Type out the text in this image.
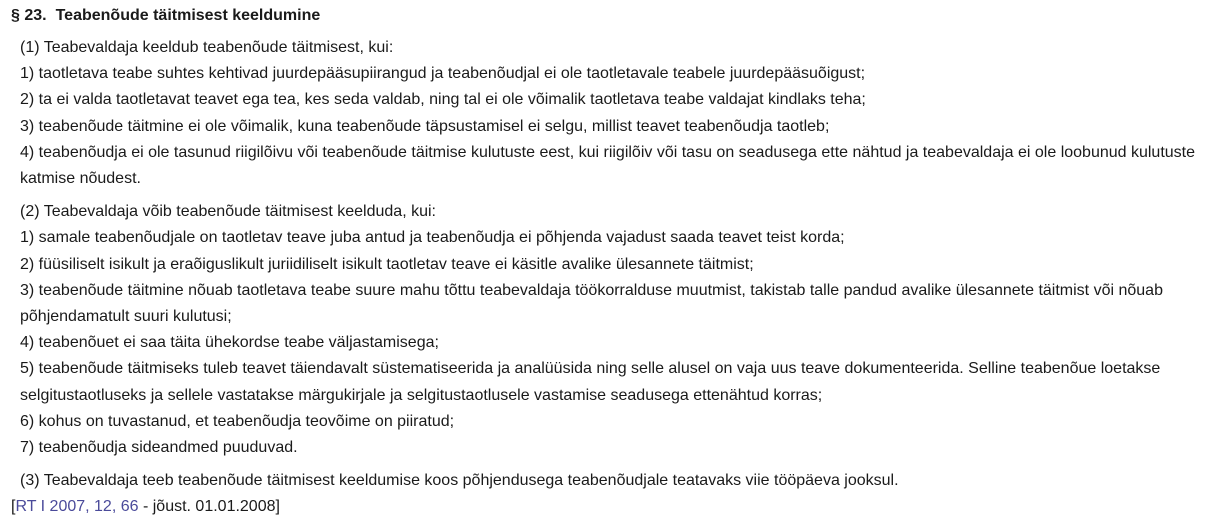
§ 23. Teabenõude täitmisest keeldumine
(1) Teabevaldaja keeldub teabenõude täitmisest, kui:
1) taotletava teabe suhtes kehtivad juurdepääsupiirangud ja teabenõudjal ei ole taotletavale teabele juurdepääsuõigust;
2) ta ei valda taotletavat teavet ega tea, kes seda valdab, ning tal ei ole võimalik taotletava teabe valdajat kindlaks teha;
3) teabenõude täitmine ei ole võimalik, kuna teabenõude täpsustamisel ei selgu, millist teavet teabenõudja taotleb;
4) teabenõudja ei ole tasunud riigilõivu või teabenõude täitmise kulutuste eest, kui riigilõiv või tasu on seadusega ette nähtud ja teabevaldaja ei ole loobunud kulutuste katmise nõudest.
(2) Teabevaldaja võib teabenõude täitmisest keelduda, kui:
1) samale teabenõudjale on taotletav teave juba antud ja teabenõudja ei põhjenda vajadust saada teavet teist korda;
2) füüsiliselt isikult ja eraõiguslikult juriidiliselt isikult taotletav teave ei käsitle avalike ülesannete täitmist;
3) teabenõude täitmine nõuab taotletava teabe suure mahu tõttu teabevaldaja töökorralduse muutmist, takistab talle pandud avalike ülesannete täitmist või nõuab põhjendamatult suuri kulutusi;
4) teabenõuet ei saa täita ühekordse teabe väljastamisega;
5) teabenõude täitmiseks tuleb teavet täiendavalt süstematiseerida ja analüüsida ning selle alusel on vaja uus teave dokumenteerida. Selline teabenõue loetakse selgitustaotluseks ja sellele vastatakse märgukirjale ja selgitustaotlusele vastamise seadusega ettenähtud korras;
6) kohus on tuvastanud, et teabenõudja teovõime on piiratud;
7) teabenõudja sideandmed puuduvad.
(3) Teabevaldaja teeb teabenõude täitmisest keeldumise koos põhjendusega teabenõudjale teatavaks viie tööpäeva jooksul.
[RT I 2007, 12, 66 - jõust. 01.01.2008]
